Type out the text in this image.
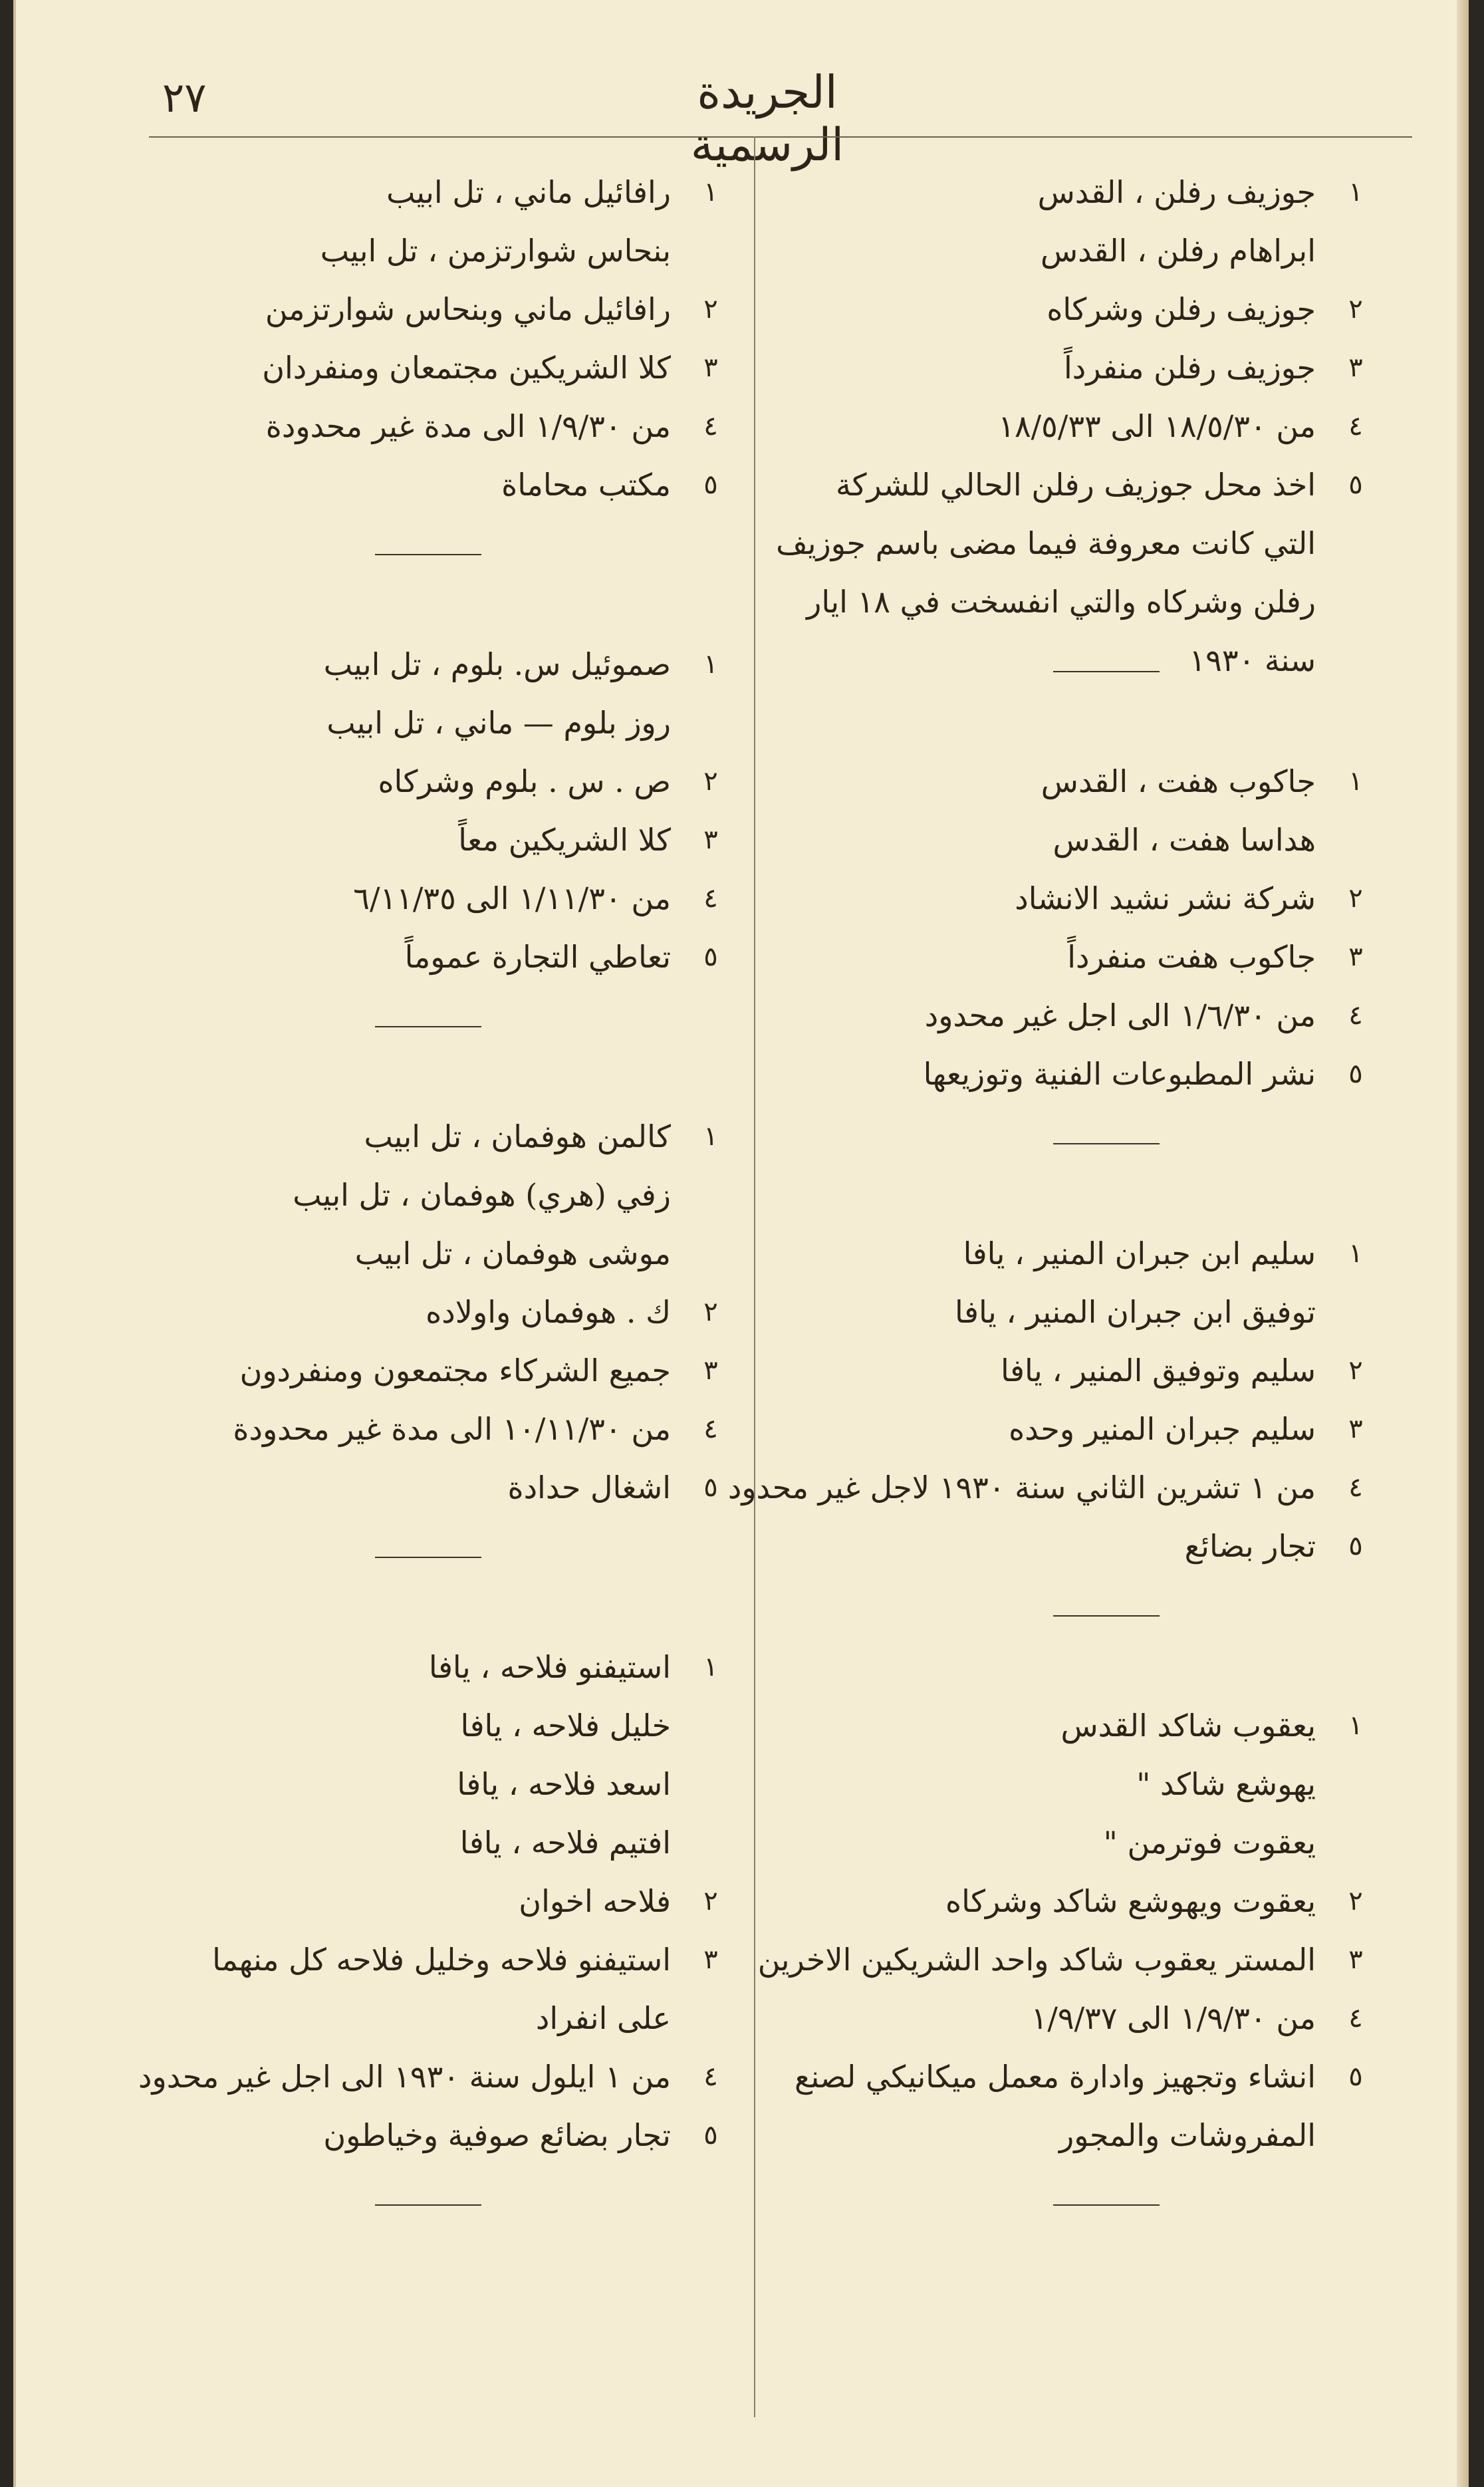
٢٧	الجريدة الرسمية
١
جوزيف رفلن ، القدس
ابراهام رفلن ، القدس
٢
جوزيف رفلن وشركاه
٣
جوزيف رفلن منفرداً
٤
من ١٨/٥/٣٠ الى ١٨/٥/٣٣
٥
اخذ محل جوزيف رفلن الحالي للشركة التي كانت معروفة فيما مضى باسم جوزيف رفلن وشركاه والتي انفسخت في ١٨ ايار سنة ١٩٣٠
١
جاكوب هفت ، القدس
هداسا هفت ، القدس
٢
شركة نشر نشيد الانشاد
٣
جاكوب هفت منفرداً
٤
من ١/٦/٣٠ الى اجل غير محدود
٥
نشر المطبوعات الفنية وتوزيعها
١
سليم ابن جبران المنير ، يافا
توفيق ابن جبران المنير ، يافا
٢
سليم وتوفيق المنير ، يافا
٣
سليم جبران المنير وحده
٤
من ١ تشرين الثاني سنة ١٩٣٠ لاجل غير محدود
٥
تجار بضائع
١
يعقوب شاكد القدس
يهوشع شاكد "
يعقوت فوترمن "
٢
يعقوت ويهوشع شاكد وشركاه
٣
المستر يعقوب شاكد واحد الشريكين الاخرين
٤
من ١/٩/٣٠ الى ١/٩/٣٧
٥
انشاء وتجهيز وادارة معمل ميكانيكي لصنع المفروشات والمجور
١
رافائيل ماني ، تل ابيب
بنحاس شوارتزمن ، تل ابيب
٢
رافائيل ماني وبنحاس شوارتزمن
٣
كلا الشريكين مجتمعان ومنفردان
٤
من ١/٩/٣٠ الى مدة غير محدودة
٥
مكتب محاماة
١
صموئيل س. بلوم ، تل ابيب
روز بلوم — ماني ، تل ابيب
٢
ص . س . بلوم وشركاه
٣
كلا الشريكين معاً
٤
من ١/١١/٣٠ الى ٦/١١/٣٥
٥
تعاطي التجارة عموماً
١
كالمن هوفمان ، تل ابيب
زفي (هري) هوفمان ، تل ابيب
موشى هوفمان ، تل ابيب
٢
ك . هوفمان واولاده
٣
جميع الشركاء مجتمعون ومنفردون
٤
من ١٠/١١/٣٠ الى مدة غير محدودة
٥
اشغال حدادة
١
استيفنو فلاحه ، يافا
خليل فلاحه ، يافا
اسعد فلاحه ، يافا
افتيم فلاحه ، يافا
٢
فلاحه اخوان
٣
استيفنو فلاحه وخليل فلاحه كل منهما على انفراد
٤
من ١ ايلول سنة ١٩٣٠ الى اجل غير محدود
٥
تجار بضائع صوفية وخياطون
